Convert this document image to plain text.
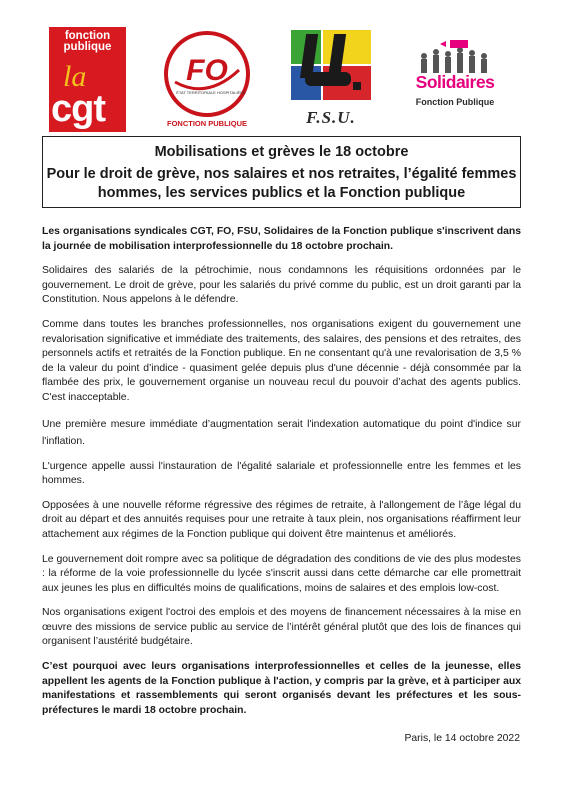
fonction publique
la
cgt
FO
ÉTAT TERRITORIALE HOSPITALIÈRE
FONCTION PUBLIQUE	F.S.U.
Solidaires
Fonction Publique
Mobilisations et grèves le 18 octobre
Pour le droit de grève, nos salaires et nos retraites, l’égalité femmes hommes, les services publics et la Fonction publique

Les organisations syndicales CGT, FO, FSU, Solidaires de la Fonction publique s'inscrivent dans la journée de mobilisation interprofessionnelle du 18 octobre prochain.

Solidaires des salariés de la pétrochimie, nous condamnons les réquisitions ordonnées par le gouvernement. Le droit de grève, pour les salariés du privé comme du public, est un droit garanti par la Constitution. Nous appelons à le défendre.

Comme dans toutes les branches professionnelles, nos organisations exigent du gouvernement une revalorisation significative et immédiate des traitements, des salaires, des pensions et des retraites, des personnels actifs et retraités de la Fonction publique. En ne consentant qu'à une revalorisation de 3,5 % de la valeur du point d’indice - quasiment gelée depuis plus d'une décennie - déjà consommée par la flambée des prix, le gouvernement organise un nouveau recul du pouvoir d’achat des agents publics. C'est inacceptable.

Une première mesure immédiate d’augmentation serait l'indexation automatique du point d'indice sur l'inflation.

L'urgence appelle aussi l'instauration de l'égalité salariale et professionnelle entre les femmes et les hommes.

Opposées à une nouvelle réforme régressive des régimes de retraite, à l'allongement de l’âge légal du droit au départ et des annuités requises pour une retraite à taux plein, nos organisations réaffirment leur attachement aux régimes de la Fonction publique qui doivent être maintenus et améliorés.

Le gouvernement doit rompre avec sa politique de dégradation des conditions de vie des plus modestes : la réforme de la voie professionnelle du lycée s'inscrit aussi dans cette démarche car elle promettrait aux jeunes les plus en difficultés moins de qualifications, moins de salaires et des emplois low-cost.

Nos organisations exigent l'octroi des emplois et des moyens de financement nécessaires à la mise en œuvre des missions de service public au service de l’intérêt général plutôt que des lois de finances qui organisent l’austérité budgétaire.

C’est pourquoi avec leurs organisations interprofessionnelles et celles de la jeunesse, elles appellent les agents de la Fonction publique à l'action, y compris par la grève, et à participer aux manifestations et rassemblements qui seront organisés devant les préfectures et les sous-préfectures le mardi 18 octobre prochain.

Paris, le 14 octobre 2022
